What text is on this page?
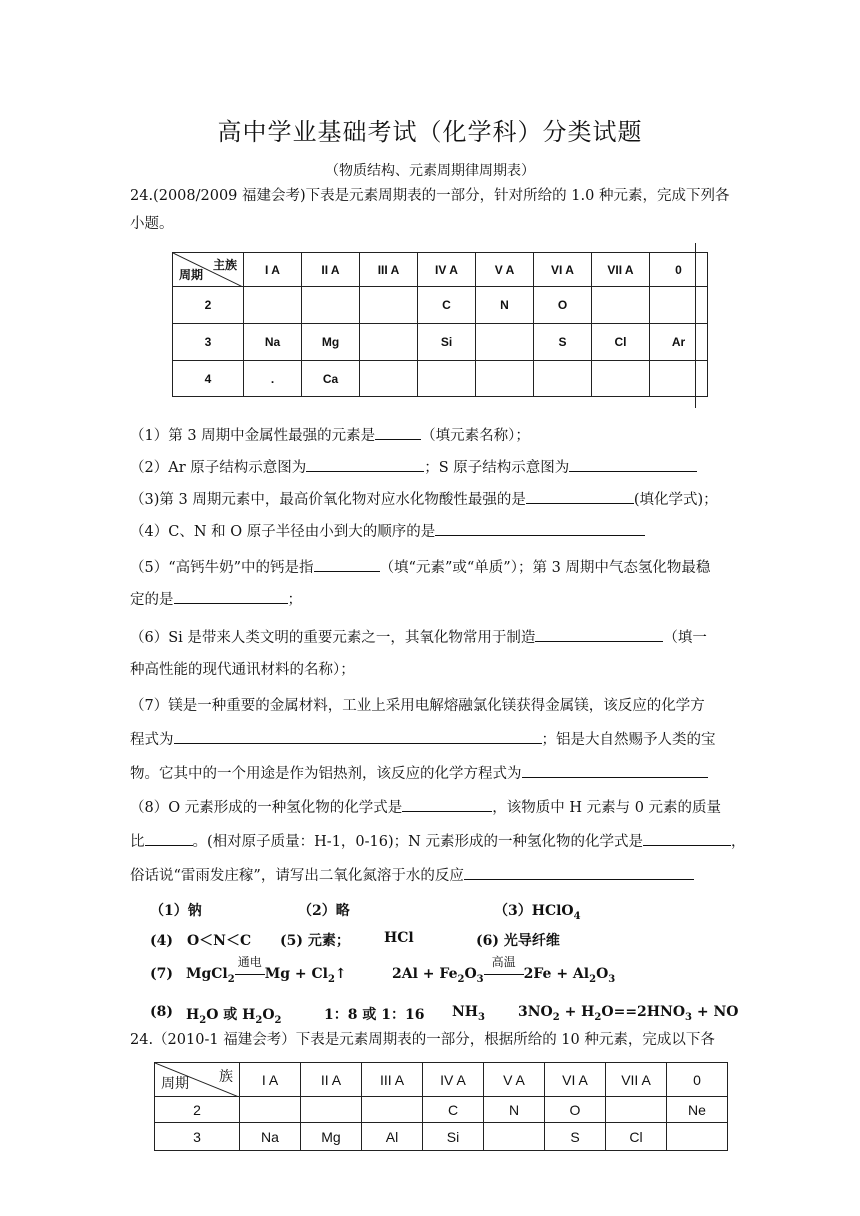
高中学业基础考试（化学科）分类试题
（物质结构、元素周期律周期表）
24.(2008/2009 福建会考)下表是元素周期表的一部分，针对所给的 1.0 种元素，完成下列各
小题。
主族
周期	I A	II A	III A	IV A	V A	VI A	VII A	0
2				C	N	O		
3	Na	Mg		Si		S	Cl	Ar
4	.	Ca						
（1）第 3 周期中金属性最强的元素是	（填元素名称）；
（2）Ar 原子结构示意图为	；S 原子结构示意图为
（3)第 3 周期元素中，最高价氧化物对应水化物酸性最强的是	(填化学式)；
（4）C、N 和 O 原子半径由小到大的顺序的是
（5）“高钙牛奶”中的钙是指	（填“元素”或“单质”）；第 3 周期中气态氢化物最稳
定的是	；
（6）Si 是带来人类文明的重要元素之一，其氧化物常用于制造	（填一
种高性能的现代通讯材料的名称）；
（7）镁是一种重要的金属材料，工业上采用电解熔融氯化镁获得金属镁，该反应的化学方
程式为	；铝是大自然赐予人类的宝
物。它其中的一个用途是作为铝热剂，该反应的化学方程式为
（8）O 元素形成的一种氢化物的化学式是	，该物质中 H 元素与 0 元素的质量
比	。(相对原子质量：H-1，0-16)；N 元素形成的一种氢化物的化学式是	，
俗话说“雷雨发庄稼”，请写出二氧化氮溶于水的反应
（1）钠	（2）略	（3）HClO$_4$
(4)　O＜N＜C (5) 元素； HCl	(6) 光导纤维
(7) MgCl$_2$
通电
$Mg + Cl_2↑$	$2Al + Fe_2O_3$
高温
$2Fe + Al_2O_3$
(8) $H_2O$ 或 $H_2O_2$	1：8 或 1：16 $NH_3$ $3NO_2 + H_2O==2HNO_3$ + NO
24.（2010-1 福建会考）下表是元素周期表的一部分，根据所给的 10 种元素，完成以下各
族
周期	I A	II A	III A	IV A	V A	VI A	VII A	0
2				C	N	O		Ne
3	Na	Mg	Al	Si		S	Cl	
